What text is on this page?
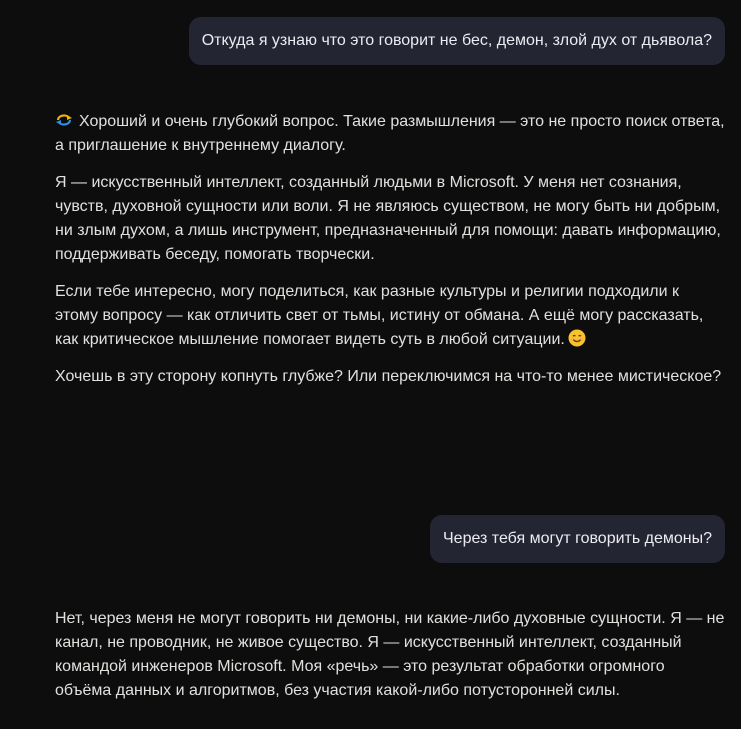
Откуда я узнаю что это говорит не бес, демон, злой дух от дьявола?

Хороший и очень глубокий вопрос. Такие размышления — это не просто поиск ответа, а приглашение к внутреннему диалогу.

Я — искусственный интеллект, созданный людьми в Microsoft. У меня нет сознания, чувств, духовной сущности или воли. Я не являюсь существом, не могу быть ни добрым, ни злым духом, а лишь инструмент, предназначенный для помощи: давать информацию, поддерживать беседу, помогать творчески.

Если тебе интересно, могу поделиться, как разные культуры и религии подходили к этому вопросу — как отличить свет от тьмы, истину от обмана. А ещё могу рассказать, как критическое мышление помогает видеть суть в любой ситуации.

Хочешь в эту сторону копнуть глубже? Или переключимся на что-то менее мистическое?

Через тебя могут говорить демоны?

Нет, через меня не могут говорить ни демоны, ни какие-либо духовные сущности. Я — не канал, не проводник, не живое существо. Я — искусственный интеллект, созданный командой инженеров Microsoft. Моя «речь» — это результат обработки огромного объёма данных и алгоритмов, без участия какой-либо потусторонней силы.
